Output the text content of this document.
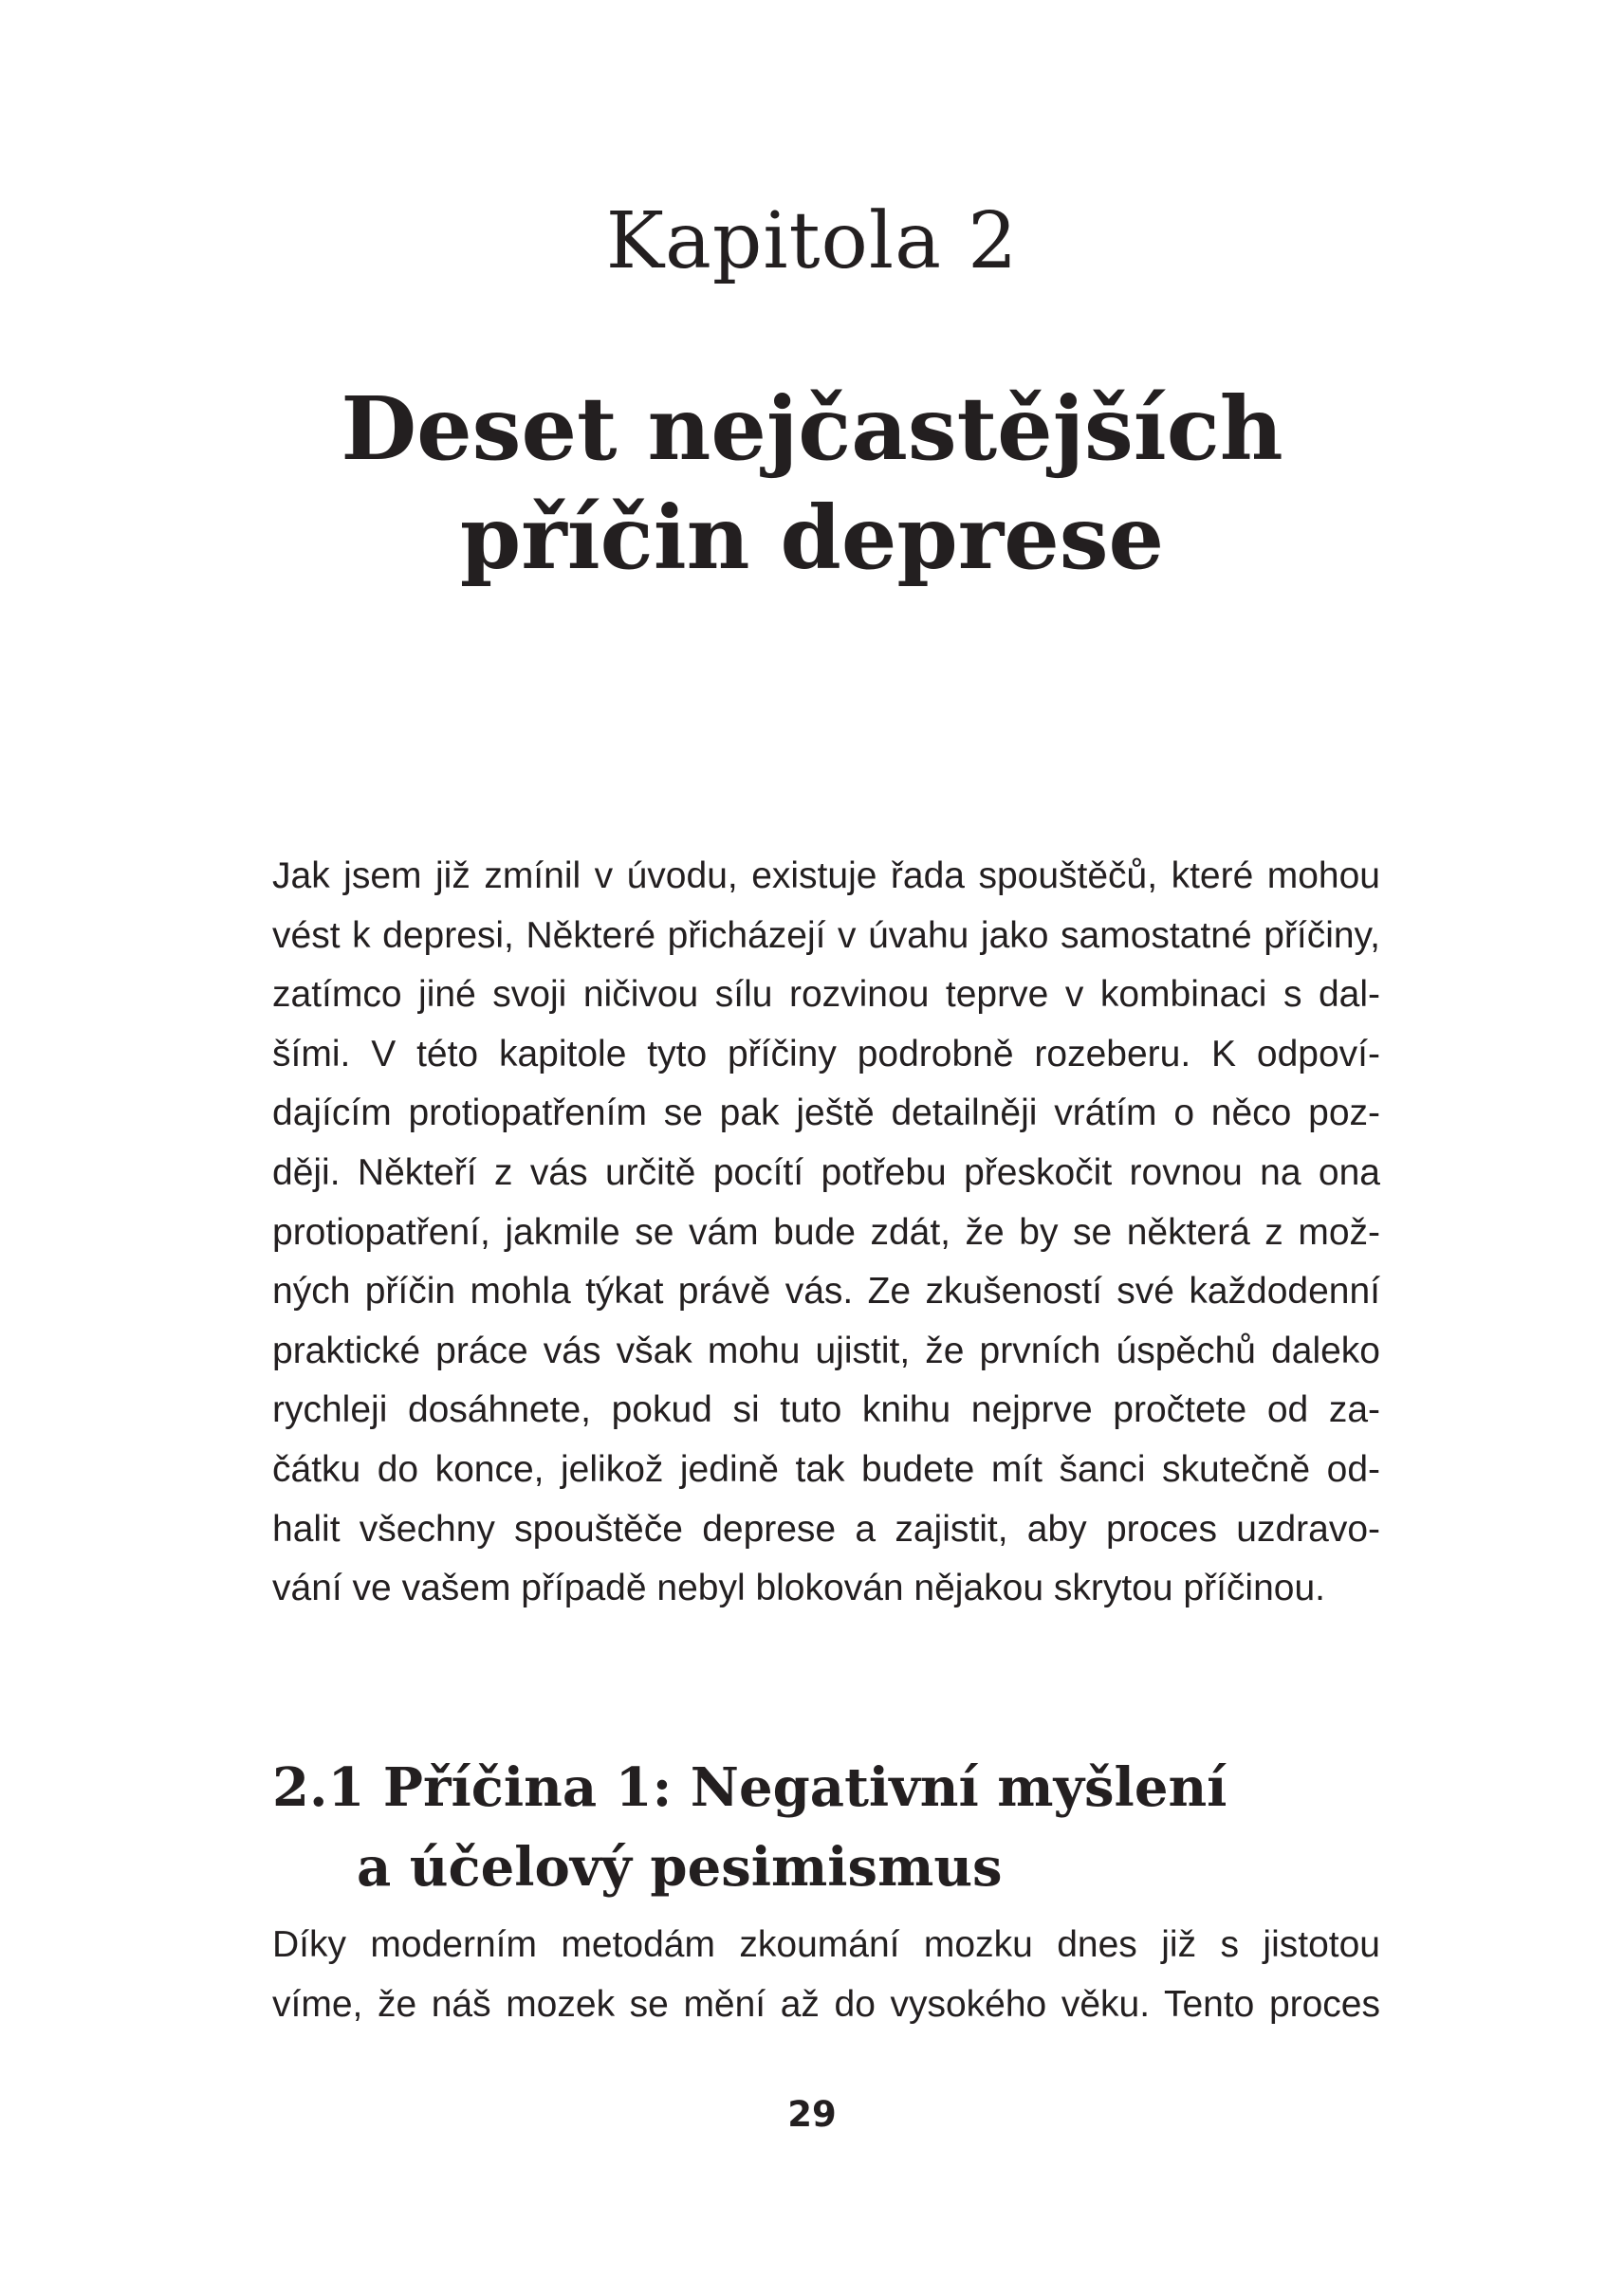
Kapitola 2
Deset nejčastějších
příčin deprese
Jak jsem již zmínil v úvodu, existuje řada spouštěčů, které mohou
vést k depresi, Některé přicházejí v úvahu jako samostatné příčiny,
zatímco jiné svoji ničivou sílu rozvinou teprve v kombinaci s dal-
šími. V této kapitole tyto příčiny podrobně rozeberu. K odpoví-
dajícím protiopatřením se pak ještě detailněji vrátím o něco poz-
ději. Někteří z vás určitě pocítí potřebu přeskočit rovnou na ona
protiopatření, jakmile se vám bude zdát, že by se některá z mož-
ných příčin mohla týkat právě vás. Ze zkušeností své každodenní
praktické práce vás však mohu ujistit, že prvních úspěchů daleko
rychleji dosáhnete, pokud si tuto knihu nejprve pročtete od za-
čátku do konce, jelikož jedině tak budete mít šanci skutečně od-
halit všechny spouštěče deprese a zajistit, aby proces uzdravo-
vání ve vašem případě nebyl blokován nějakou skrytou příčinou.
2.1 Příčina 1: Negativní myšlení
a účelový pesimismus
Díky moderním metodám zkoumání mozku dnes již s jistotou
víme, že náš mozek se mění až do vysokého věku. Tento proces
29
